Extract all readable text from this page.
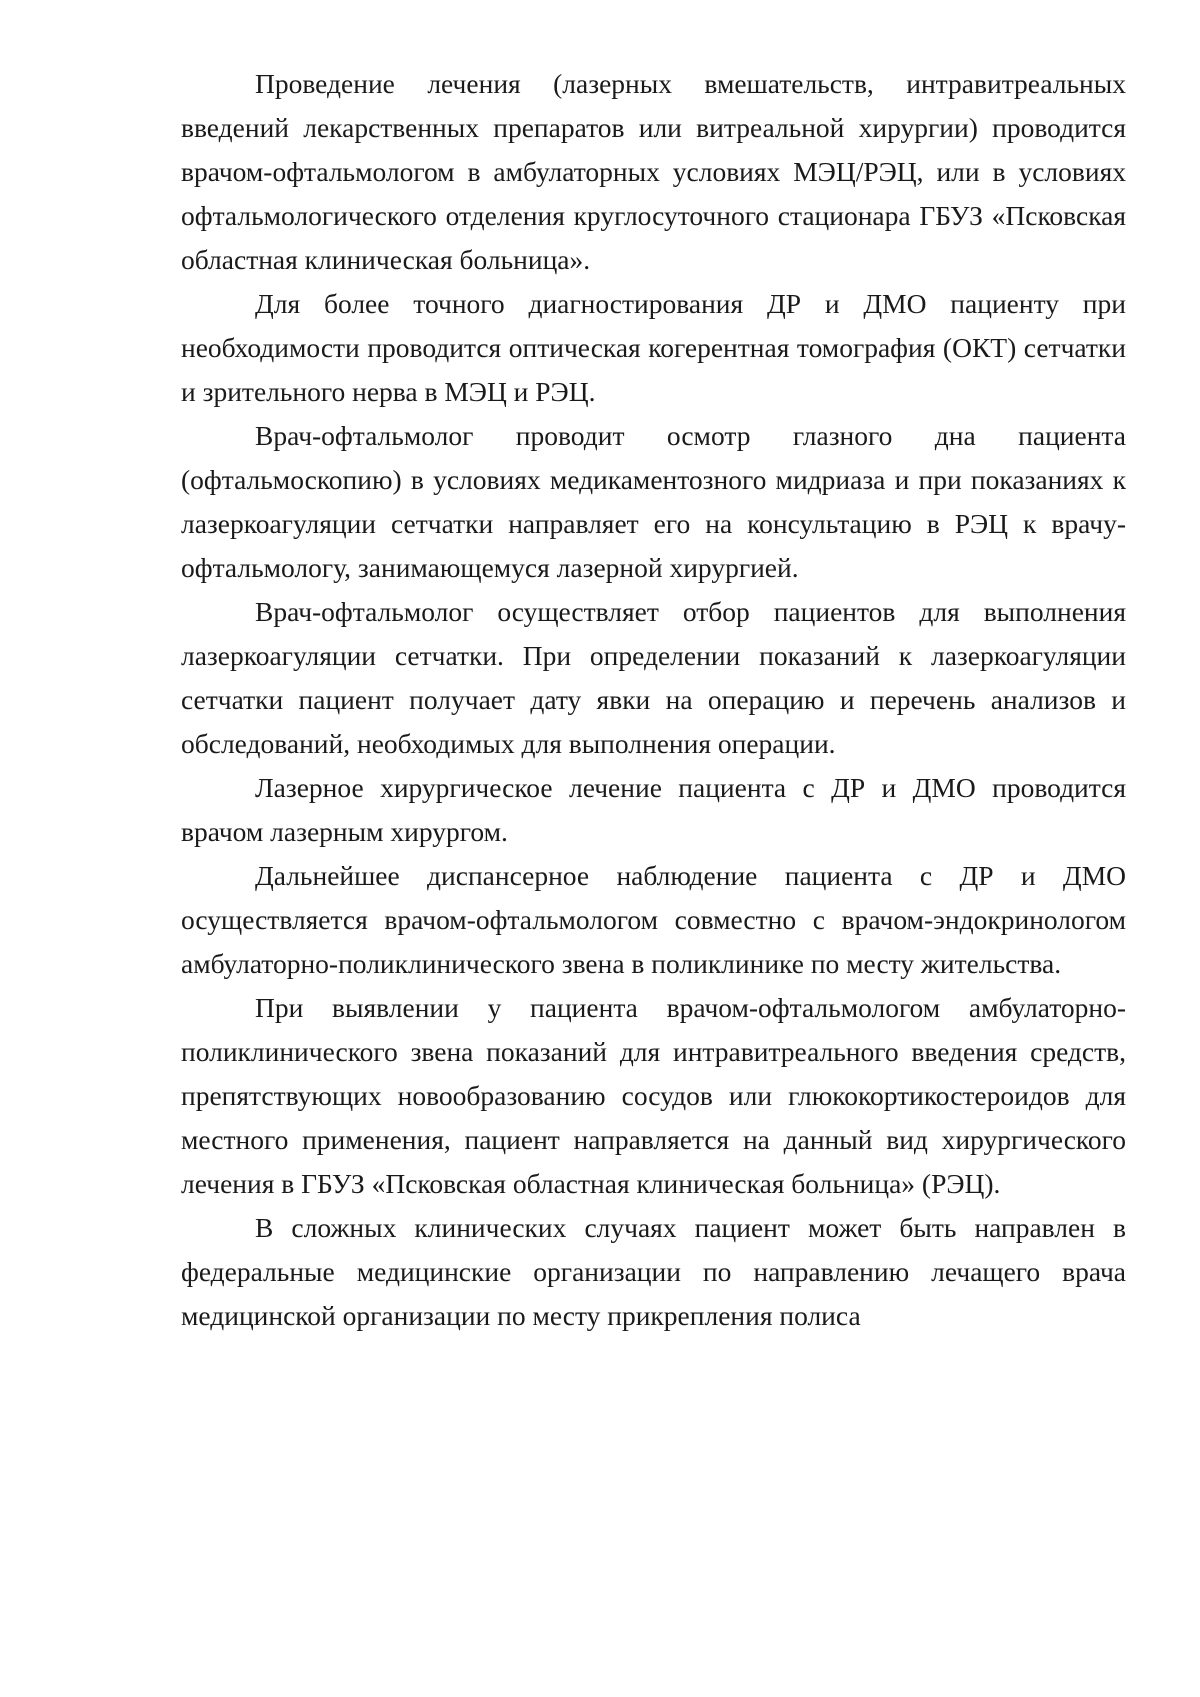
Проведение лечения (лазерных вмешательств, интравитреальных введений лекарственных препаратов или витреальной хирургии) проводится врачом-офтальмологом в амбулаторных условиях МЭЦ/РЭЦ, или в условиях офтальмологического отделения круглосуточного стационара ГБУЗ «Псковская областная клиническая больница».

Для более точного диагностирования ДР и ДМО пациенту при необходимости проводится оптическая когерентная томография (ОКТ) сетчатки и зрительного нерва в МЭЦ и РЭЦ.

Врач-офтальмолог проводит осмотр глазного дна пациента (офтальмоскопию) в условиях медикаментозного мидриаза и при показаниях к лазеркоагуляции сетчатки направляет его на консультацию в РЭЦ к врачу-офтальмологу, занимающемуся лазерной хирургией.

Врач-офтальмолог осуществляет отбор пациентов для выполнения лазеркоагуляции сетчатки. При определении показаний к лазеркоагуляции сетчатки пациент получает дату явки на операцию и перечень анализов и обследований, необходимых для выполнения операции.

Лазерное хирургическое лечение пациента с ДР и ДМО проводится врачом лазерным хирургом.

Дальнейшее диспансерное наблюдение пациента с ДР и ДМО осуществляется врачом-офтальмологом совместно с врачом-эндокринологом амбулаторно-поликлинического звена в поликлинике по месту жительства.

При выявлении у пациента врачом-офтальмологом амбулаторно-поликлинического звена показаний для интравитреального введения средств, препятствующих новообразованию сосудов или глюкокортикостероидов для местного применения, пациент направляется на данный вид хирургического лечения в ГБУЗ «Псковская областная клиническая больница» (РЭЦ).

В сложных клинических случаях пациент может быть направлен в федеральные медицинские организации по направлению лечащего врача медицинской организации по месту прикрепления полиса
